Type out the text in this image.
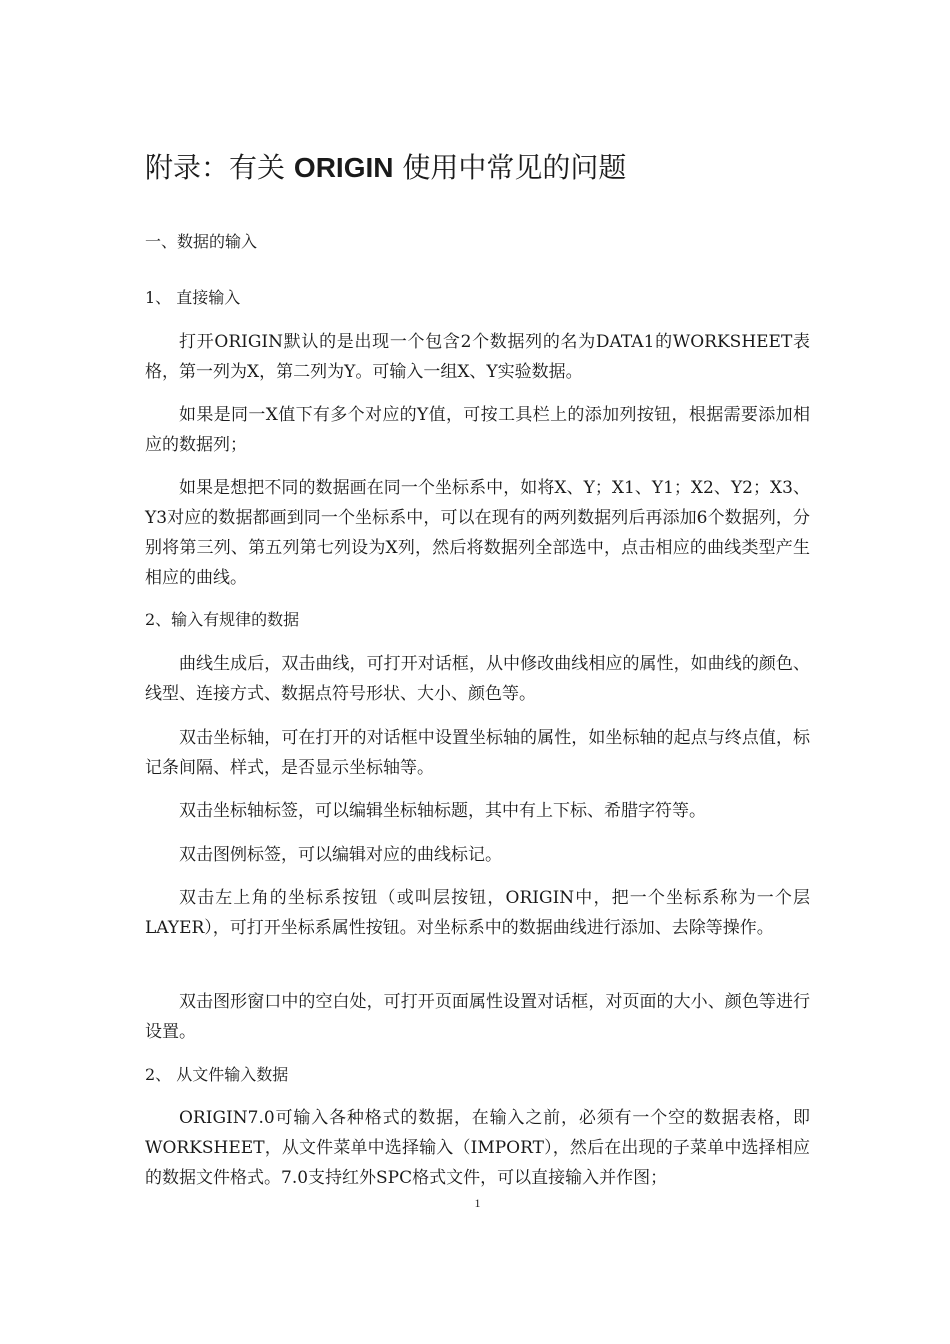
附录：有关 ORIGIN 使用中常见的问题
一、数据的输入
1、 直接输入

打开ORIGIN默认的是出现一个包含2个数据列的名为DATA1的WORKSHEET表格，第一列为X，第二列为Y。可输入一组X、Y实验数据。

如果是同一X值下有多个对应的Y值，可按工具栏上的添加列按钮，根据需要添加相应的数据列；

如果是想把不同的数据画在同一个坐标系中，如将X、Y；X1、Y1；X2、Y2；X3、Y3对应的数据都画到同一个坐标系中，可以在现有的两列数据列后再添加6个数据列，分别将第三列、第五列第七列设为X列，然后将数据列全部选中，点击相应的曲线类型产生相应的曲线。

2、输入有规律的数据

曲线生成后，双击曲线，可打开对话框，从中修改曲线相应的属性，如曲线的颜色、线型、连接方式、数据点符号形状、大小、颜色等。

双击坐标轴，可在打开的对话框中设置坐标轴的属性，如坐标轴的起点与终点值，标记条间隔、样式，是否显示坐标轴等。

双击坐标轴标签，可以编辑坐标轴标题，其中有上下标、希腊字符等。

双击图例标签，可以编辑对应的曲线标记。

双击左上角的坐标系按钮（或叫层按钮，ORIGIN中，把一个坐标系称为一个层LAYER），可打开坐标系属性按钮。对坐标系中的数据曲线进行添加、去除等操作。

双击图形窗口中的空白处，可打开页面属性设置对话框，对页面的大小、颜色等进行设置。

2、 从文件输入数据

ORIGIN7.0可输入各种格式的数据，在输入之前，必须有一个空的数据表格，即WORKSHEET，从文件菜单中选择输入（IMPORT），然后在出现的子菜单中选择相应的数据文件格式。7.0支持红外SPC格式文件，可以直接输入并作图；

1
